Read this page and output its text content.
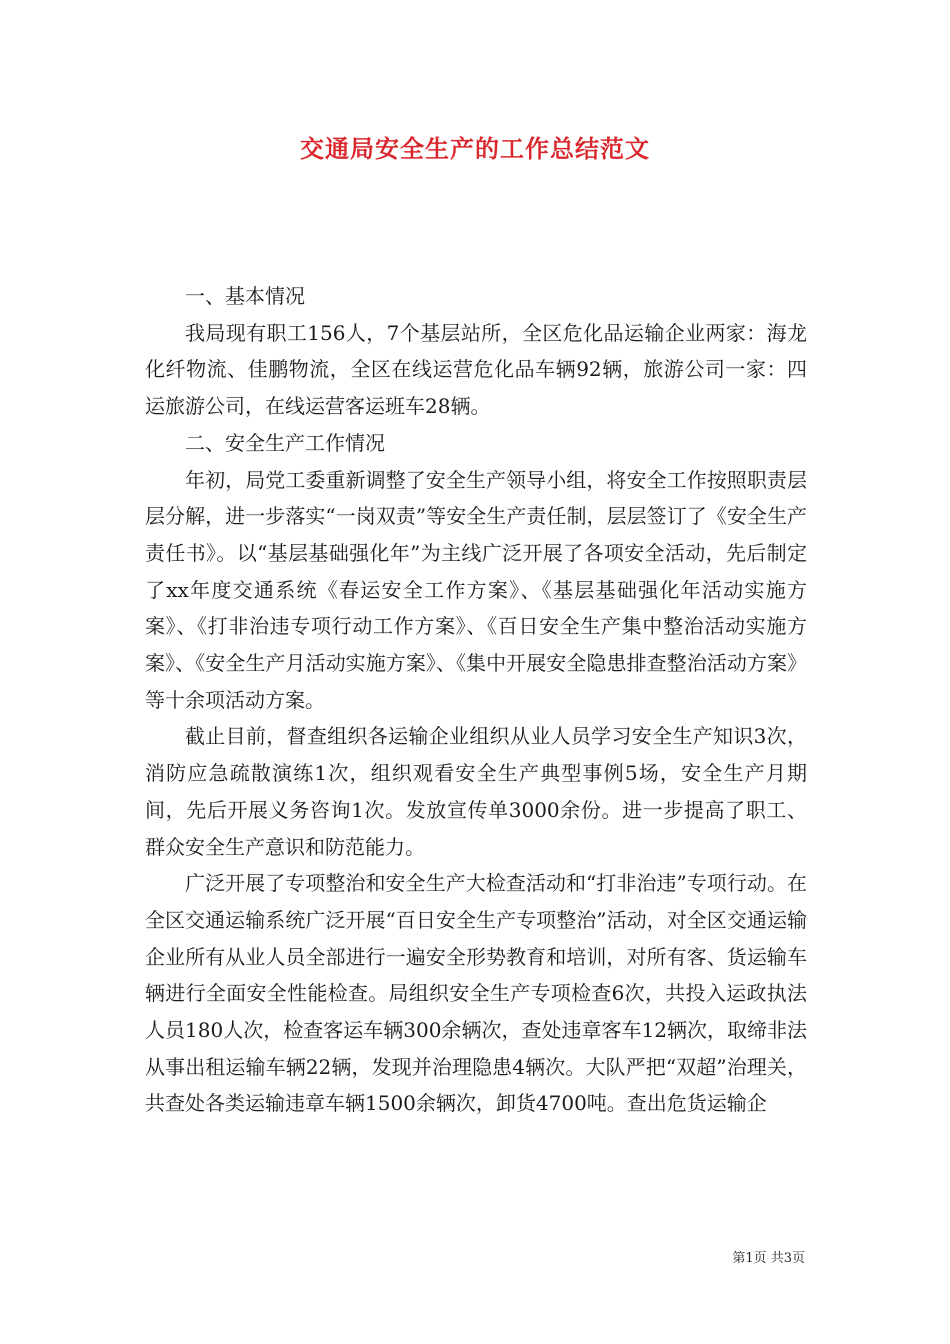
交通局安全生产的工作总结范文

一、基本情况

我局现有职工156人，7个基层站所，全区危化品运输企业两家：海龙化纤物流、佳鹏物流，全区在线运营危化品车辆92辆，旅游公司一家：四运旅游公司，在线运营客运班车28辆。

二、安全生产工作情况

年初，局党工委重新调整了安全生产领导小组，将安全工作按照职责层层分解，进一步落实“一岗双责”等安全生产责任制，层层签订了《安全生产责任书》。以“基层基础强化年”为主线广泛开展了各项安全活动，先后制定了xx年度交通系统《春运安全工作方案》、《基层基础强化年活动实施方案》、《打非治违专项行动工作方案》、《百日安全生产集中整治活动实施方案》、《安全生产月活动实施方案》、《集中开展安全隐患排查整治活动方案》等十余项活动方案。

截止目前，督查组织各运输企业组织从业人员学习安全生产知识3次，消防应急疏散演练1次，组织观看安全生产典型事例5场，安全生产月期间，先后开展义务咨询1次。发放宣传单3000余份。进一步提高了职工、群众安全生产意识和防范能力。

广泛开展了专项整治和安全生产大检查活动和“打非治违”专项行动。在全区交通运输系统广泛开展“百日安全生产专项整治”活动，对全区交通运输企业所有从业人员全部进行一遍安全形势教育和培训，对所有客、货运输车辆进行全面安全性能检查。局组织安全生产专项检查6次，共投入运政执法人员180人次，检查客运车辆300余辆次，查处违章客车12辆次，取缔非法从事出租运输车辆22辆，发现并治理隐患4辆次。大队严把“双超”治理关，共查处各类运输违章车辆1500余辆次，卸货4700吨。查出危货运输企

第1页 共3页
